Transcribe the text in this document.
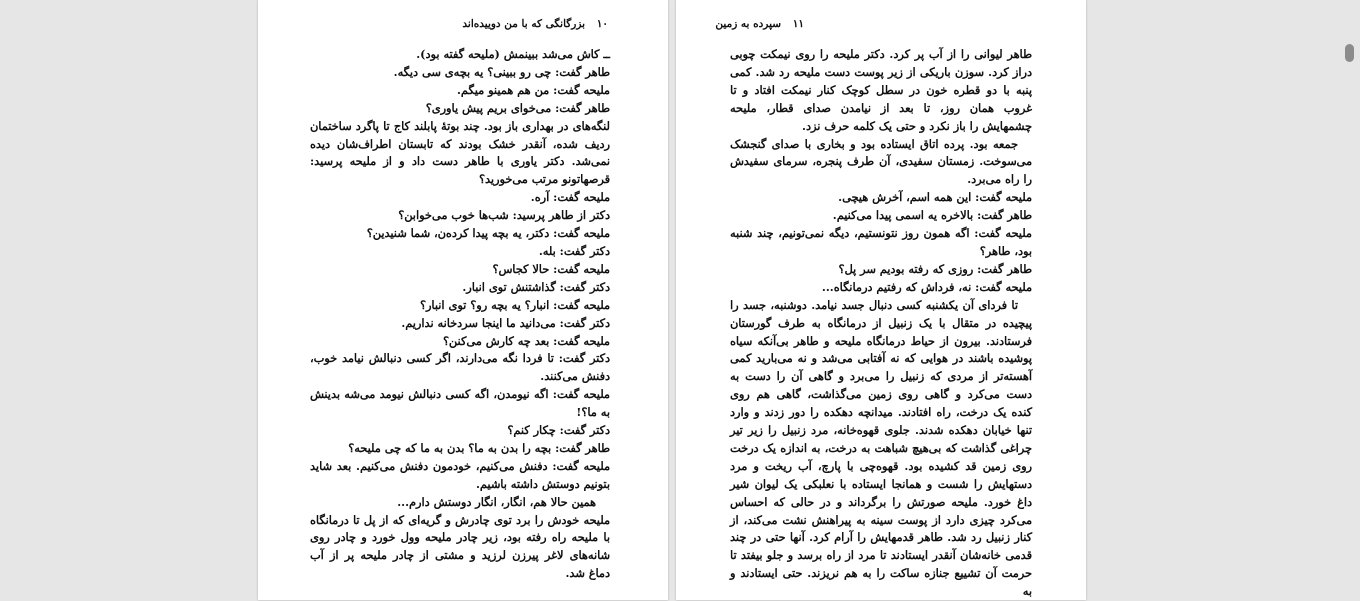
۱۰ بزرگانگی که با من دوییده‌اند

ــ کاش می‌شد ببینمش (ملیحه گفته بود).

طاهر گفت: چی رو ببینی؟ یه بچه‌ی سی دیگه.

ملیحه گفت: من هم همینو میگم.

طاهر گفت: می‌خوای بریم پیش یاوری؟

لنگه‌های در بهداری باز بود. چند بوتهٔ پابلند کاج تا پاگرد ساختمان ردیف شده، آنقدر خشک بودند که تابستان اطراف‌شان دیده نمی‌شد. دکتر یاوری با طاهر دست داد و از ملیحه پرسید: قرصهاتونو مرتب می‌خورید؟

ملیحه گفت: آره.

دکتر از طاهر پرسید: شب‌ها خوب می‌خوابن؟

ملیحه گفت: دکتر، یه بچه پیدا کرده‌ن، شما شنیدین؟

دکتر گفت: بله.

ملیحه گفت: حالا کجاس؟

دکتر گفت: گذاشتنش توی انبار.

ملیحه گفت: انبار؟ یه بچه رو؟ توی انبار؟

دکتر گفت: می‌دانید ما اینجا سردخانه نداریم.

ملیحه گفت: بعد چه کارش می‌کنن؟

دکتر گفت: تا فردا نگه می‌دارند، اگر کسی دنبالش نیامد خوب، دفنش می‌کنند.

ملیحه گفت: اگه نیومدن، اگه کسی دنبالش نیومد می‌شه بدینش به ما؟!

دکتر گفت: چکار کنم؟

طاهر گفت: بچه را بدن به ما؟ بدن به ما که چی ملیحه؟

ملیحه گفت: دفنش می‌کنیم، خودمون دفنش می‌کنیم. بعد شاید بتونیم دوستش داشته باشیم.

همین حالا هم، انگار، انگار دوستش دارم...

ملیحه خودش را برد توی چادرش و گریه‌ای که از پل تا درمانگاه با ملیحه راه رفته بود، زیر چادر ملیحه وول خورد و چادر روی شانه‌های لاغر پیرزن لرزید و مشتی از چادر ملیحه پر از آب دماغ شد.

۱۱ سپرده به زمین

طاهر لیوانی را از آب پر کرد. دکتر ملیحه را روی نیمکت چوبی دراز کرد. سوزن باریکی از زیر پوست دست ملیحه رد شد. کمی پنبه با دو قطره خون در سطل کوچک کنار نیمکت افتاد و تا غروب همان روز، تا بعد از نیامدن صدای قطار، ملیحه چشمهایش را باز نکرد و حتی یک کلمه حرف نزد.

جمعه بود. پرده اتاق ایستاده بود و بخاری با صدای گنجشک می‌سوخت. زمستان سفیدی، آن طرف پنجره، سرمای سفیدش را راه می‌برد.

ملیحه گفت: این همه اسم، آخرش هیچی.

طاهر گفت: بالاخره یه اسمی پیدا می‌کنیم.

ملیحه گفت: اگه همون روز نتونستیم، دیگه نمی‌تونیم، چند شنبه بود، طاهر؟

طاهر گفت: روزی که رفته بودیم سر پل؟

ملیحه گفت: نه، فرداش که رفتیم درمانگاه...

تا فردای آن یکشنبه کسی دنبال جسد نیامد. دوشنبه، جسد را پیچیده در متقال با یک زنبیل از درمانگاه به طرف گورستان فرستادند. بیرون از حیاط درمانگاه ملیحه و طاهر بی‌آنکه سیاه پوشیده باشند در هوایی که نه آفتابی می‌شد و نه می‌بارید کمی آهسته‌تر از مردی که زنبیل را می‌برد و گاهی آن را دست به دست می‌کرد و گاهی روی زمین می‌گذاشت، گاهی هم روی کنده یک درخت، راه افتادند. میدانچه دهکده را دور زدند و وارد تنها خیابان دهکده شدند. جلوی قهوه‌خانه، مرد زنبیل را زیر تیر چراغی گذاشت که بی‌هیچ شباهت به درخت، به اندازه یک درخت روی زمین قد کشیده بود. قهوه‌چی با پارچ، آب ریخت و مرد دستهایش را شست و همانجا ایستاده با نعلبکی یک لیوان شیر داغ خورد. ملیحه صورتش را برگرداند و در حالی که احساس می‌کرد چیزی دارد از پوست سینه به پیراهنش نشت می‌کند، از کنار زنبیل رد شد. طاهر قدمهایش را آرام کرد. آنها حتی در چند قدمی خانه‌شان آنقدر ایستادند تا مرد از راه برسد و جلو بیفتد تا حرمت آن تشییع جنازه ساکت را به هم نریزند. حتی ایستادند و به
